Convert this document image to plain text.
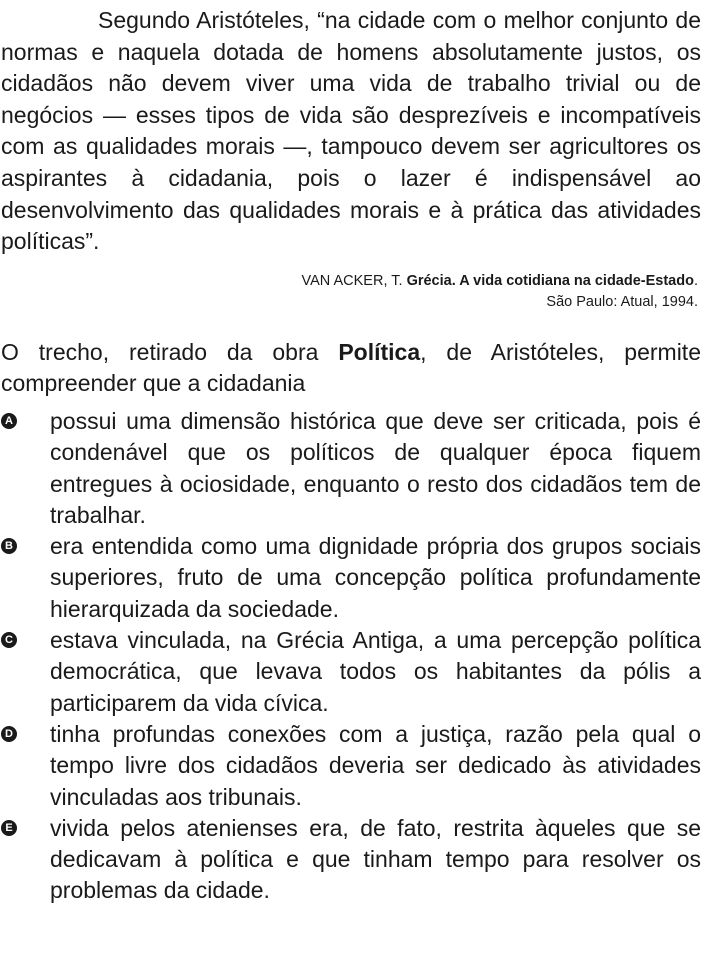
Segundo Aristóteles, “na cidade com o melhor conjunto de normas e naquela dotada de homens absolutamente justos, os cidadãos não devem viver uma vida de trabalho trivial ou de negócios — esses tipos de vida são desprezíveis e incompatíveis com as qualidades morais —, tampouco devem ser agricultores os aspirantes à cidadania, pois o lazer é indispensável ao desenvolvimento das qualidades morais e à prática das atividades políticas”.

VAN ACKER, T. Grécia. A vida cotidiana na cidade-Estado.
São Paulo: Atual, 1994.

O trecho, retirado da obra Política, de Aristóteles, permite compreender que a cidadania

A possui uma dimensão histórica que deve ser criticada, pois é condenável que os políticos de qualquer época fiquem entregues à ociosidade, enquanto o resto dos cidadãos tem de trabalhar.
B era entendida como uma dignidade própria dos grupos sociais superiores, fruto de uma concepção política profundamente hierarquizada da sociedade.
C estava vinculada, na Grécia Antiga, a uma percepção política democrática, que levava todos os habitantes da pólis a participarem da vida cívica.
D tinha profundas conexões com a justiça, razão pela qual o tempo livre dos cidadãos deveria ser dedicado às atividades vinculadas aos tribunais.
E vivida pelos atenienses era, de fato, restrita àqueles que se dedicavam à política e que tinham tempo para resolver os problemas da cidade.
